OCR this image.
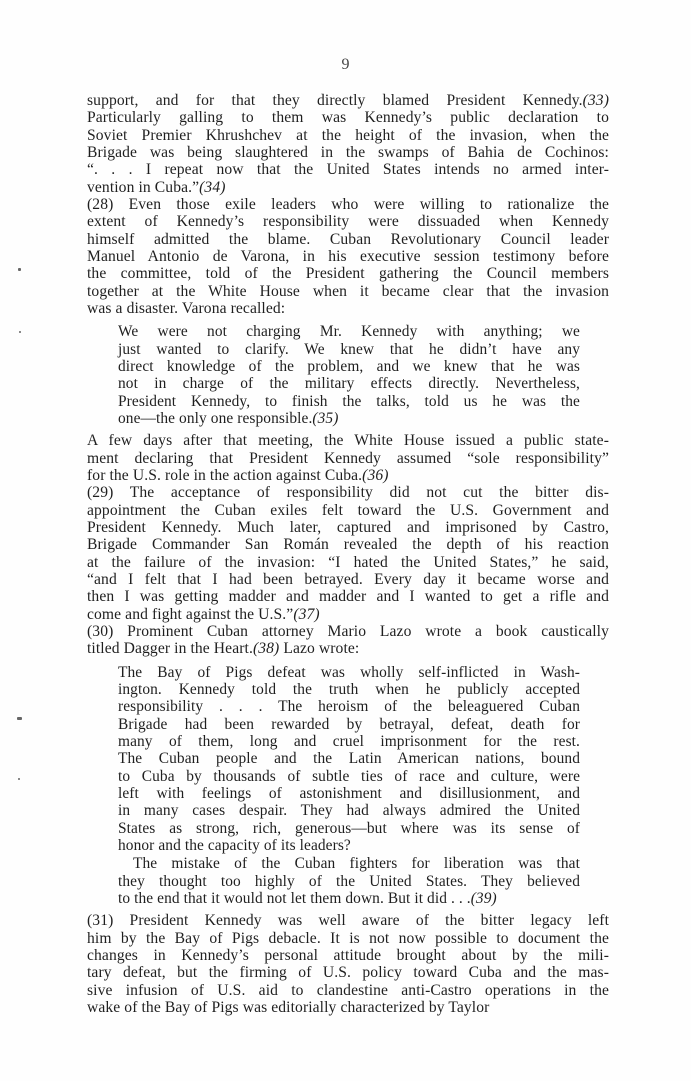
9
support, and for that they directly blamed President Kennedy.(33)
Particularly galling to them was Kennedy’s public declaration to
Soviet Premier Khrushchev at the height of the invasion, when the
Brigade was being slaughtered in the swamps of Bahia de Cochinos:
“. . . I repeat now that the United States intends no armed inter-
vention in Cuba.”(34)
(28) Even those exile leaders who were willing to rationalize the
extent of Kennedy’s responsibility were dissuaded when Kennedy
himself admitted the blame. Cuban Revolutionary Council leader
Manuel Antonio de Varona, in his executive session testimony before
the committee, told of the President gathering the Council members
together at the White House when it became clear that the invasion
was a disaster. Varona recalled:
We were not charging Mr. Kennedy with anything; we
just wanted to clarify. We knew that he didn’t have any
direct knowledge of the problem, and we knew that he was
not in charge of the military effects directly. Nevertheless,
President Kennedy, to finish the talks, told us he was the
one—the only one responsible.(35)
A few days after that meeting, the White House issued a public state-
ment declaring that President Kennedy assumed “sole responsibility”
for the U.S. role in the action against Cuba.(36)
(29) The acceptance of responsibility did not cut the bitter dis-
appointment the Cuban exiles felt toward the U.S. Government and
President Kennedy. Much later, captured and imprisoned by Castro,
Brigade Commander San Román revealed the depth of his reaction
at the failure of the invasion: “I hated the United States,” he said,
“and I felt that I had been betrayed. Every day it became worse and
then I was getting madder and madder and I wanted to get a rifle and
come and fight against the U.S.”(37)
(30) Prominent Cuban attorney Mario Lazo wrote a book caustically
titled Dagger in the Heart.(38) Lazo wrote:
The Bay of Pigs defeat was wholly self-inflicted in Wash-
ington. Kennedy told the truth when he publicly accepted
responsibility . . . The heroism of the beleaguered Cuban
Brigade had been rewarded by betrayal, defeat, death for
many of them, long and cruel imprisonment for the rest.
The Cuban people and the Latin American nations, bound
to Cuba by thousands of subtle ties of race and culture, were
left with feelings of astonishment and disillusionment, and
in many cases despair. They had always admired the United
States as strong, rich, generous—but where was its sense of
honor and the capacity of its leaders?
The mistake of the Cuban fighters for liberation was that
they thought too highly of the United States. They believed
to the end that it would not let them down. But it did . . .(39)
(31) President Kennedy was well aware of the bitter legacy left
him by the Bay of Pigs debacle. It is not now possible to document the
changes in Kennedy’s personal attitude brought about by the mili-
tary defeat, but the firming of U.S. policy toward Cuba and the mas-
sive infusion of U.S. aid to clandestine anti-Castro operations in the
wake of the Bay of Pigs was editorially characterized by Taylor
